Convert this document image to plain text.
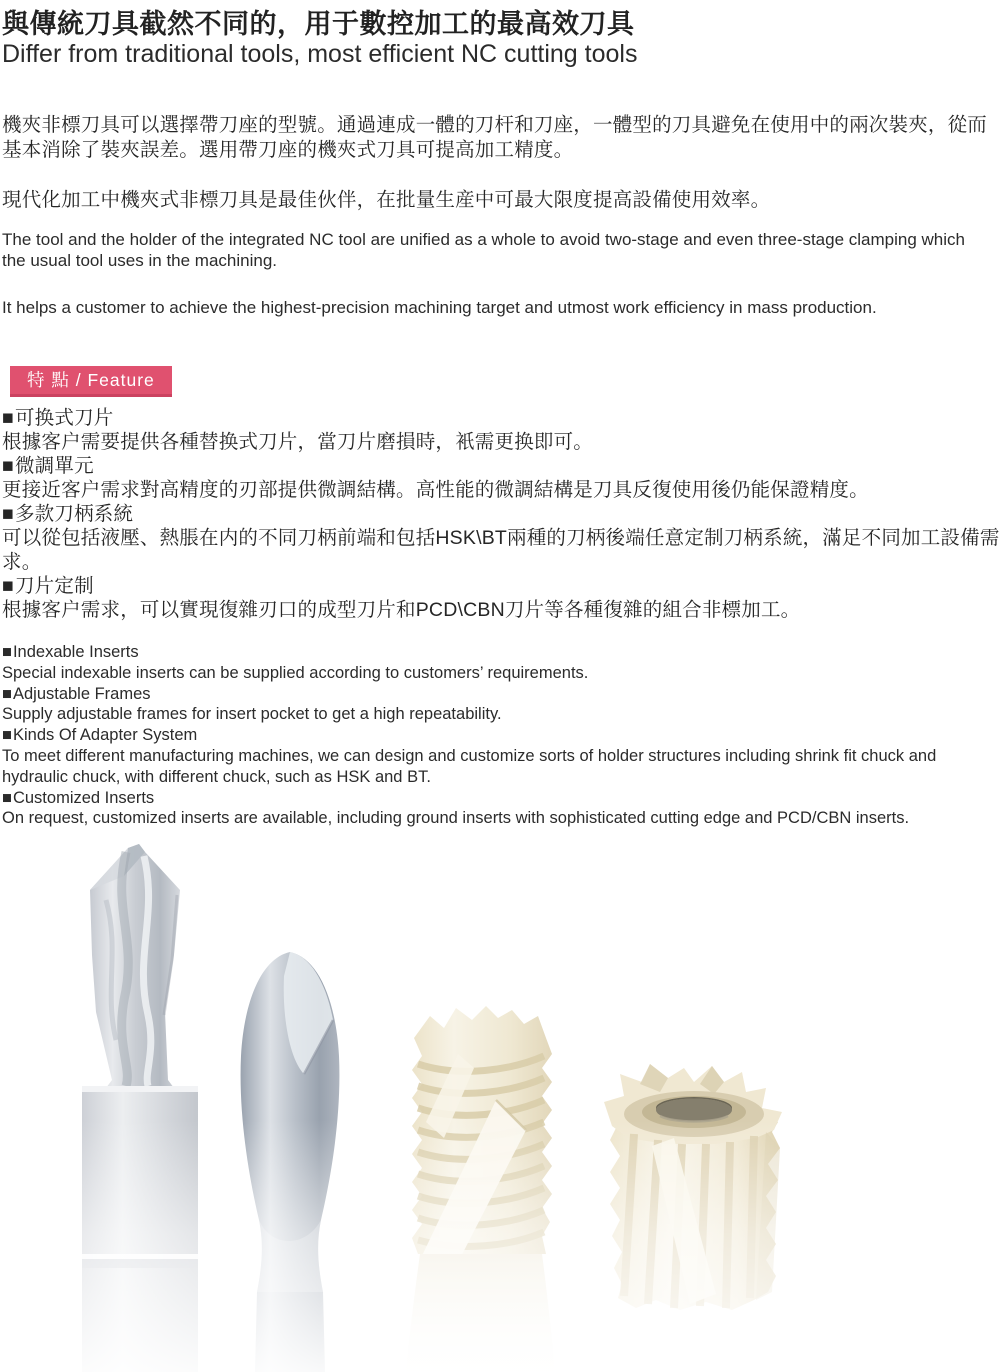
與傳統刀具截然不同的，用于數控加工的最高效刀具
Differ from traditional tools, most efficient NC cutting tools
機夾非標刀具可以選擇帶刀座的型號。通過連成一體的刀杆和刀座，一體型的刀具避免在使用中的兩次裝夾，從而基本消除了裝夾誤差。選用帶刀座的機夾式刀具可提高加工精度。
現代化加工中機夾式非標刀具是最佳伙伴，在批量生産中可最大限度提高設備使用效率。
The tool and the holder of the integrated NC tool are unified as a whole to avoid two-stage and even three-stage clamping which the usual tool uses in the machining.
It helps a customer to achieve the highest-precision machining target and utmost work efficiency in mass production.
特 點 / Feature
■可换式刀片
根據客户需要提供各種替换式刀片，當刀片磨損時，衹需更换即可。
■微調單元
更接近客户需求對高精度的刃部提供微調結構。高性能的微調結構是刀具反復使用後仍能保證精度。
■多款刀柄系統
可以從包括液壓、熱脹在内的不同刀柄前端和包括HSK\BT兩種的刀柄後端任意定制刀柄系統，滿足不同加工設備需求。
■刀片定制
根據客户需求，可以實現復雜刃口的成型刀片和PCD\CBN刀片等各種復雜的組合非標加工。
■Indexable Inserts
Special indexable inserts can be supplied according to customers’ requirements.
■Adjustable Frames
Supply adjustable frames for insert pocket to get a high repeatability.
■Kinds Of Adapter System
To meet different manufacturing machines, we can design and customize sorts of holder structures including shrink fit chuck and hydraulic chuck, with different chuck, such as HSK and BT.
■Customized Inserts
On request, customized inserts are available, including ground inserts with sophisticated cutting edge and PCD/CBN inserts.
